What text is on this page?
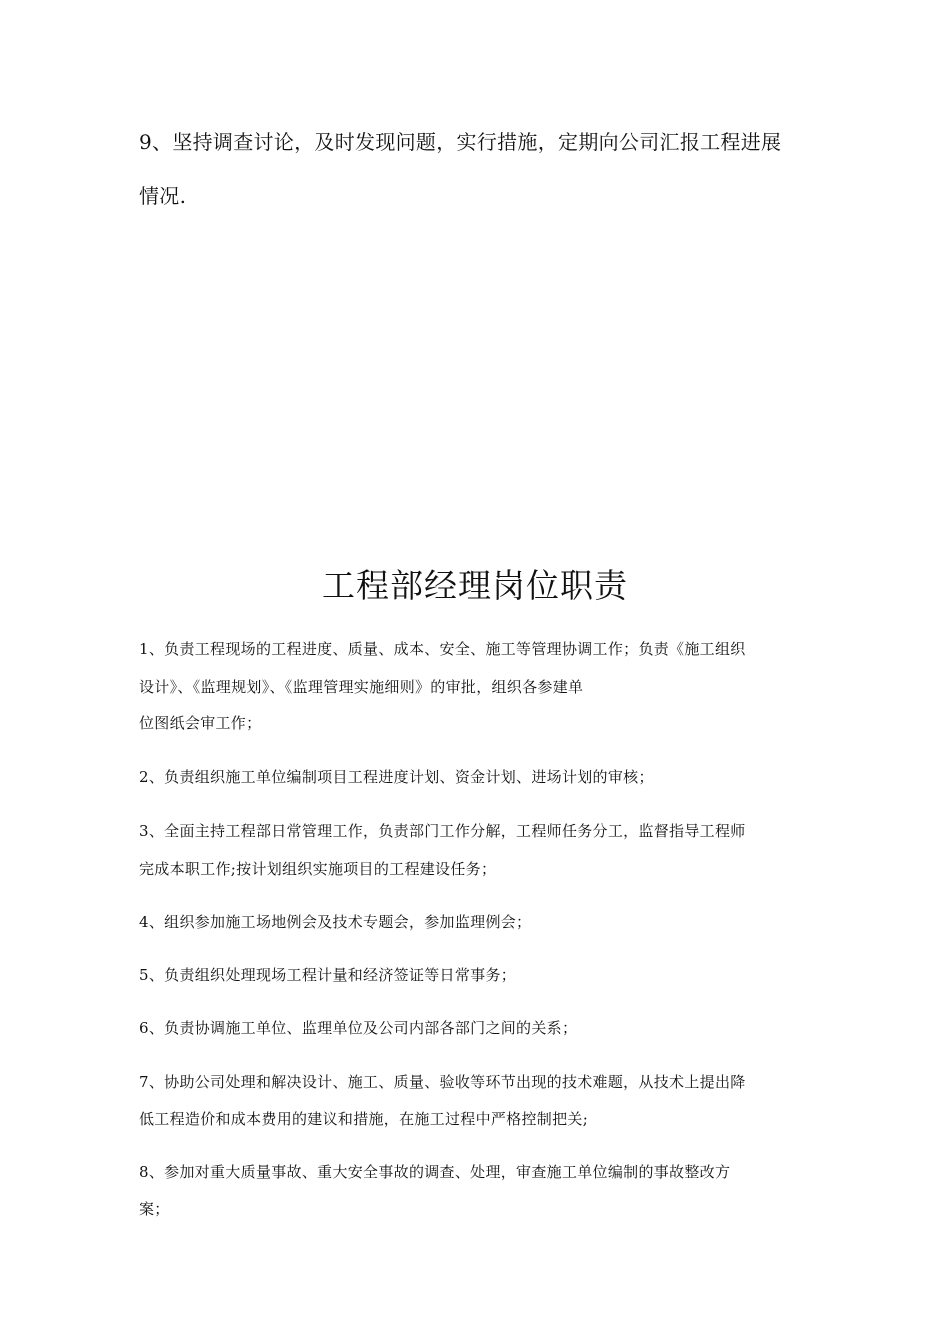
9、坚持调查讨论，及时发现问题，实行措施，定期向公司汇报工程进展
情况.
工程部经理岗位职责
1、负责工程现场的工程进度、质量、成本、安全、施工等管理协调工作；负责《施工组织
设计》、《监理规划》、《监理管理实施细则》的审批，组织各参建单
位图纸会审工作；
2、负责组织施工单位编制项目工程进度计划、资金计划、进场计划的审核；
3、全面主持工程部日常管理工作，负责部门工作分解，工程师任务分工，监督指导工程师
完成本职工作;按计划组织实施项目的工程建设任务；
4、组织参加施工场地例会及技术专题会，参加监理例会；
5、负责组织处理现场工程计量和经济签证等日常事务；
6、负责协调施工单位、监理单位及公司内部各部门之间的关系；
7、协助公司处理和解决设计、施工、质量、验收等环节出现的技术难题，从技术上提出降
低工程造价和成本费用的建议和措施，在施工过程中严格控制把关;
8、参加对重大质量事故、重大安全事故的调查、处理，审查施工单位编制的事故整改方
案；
